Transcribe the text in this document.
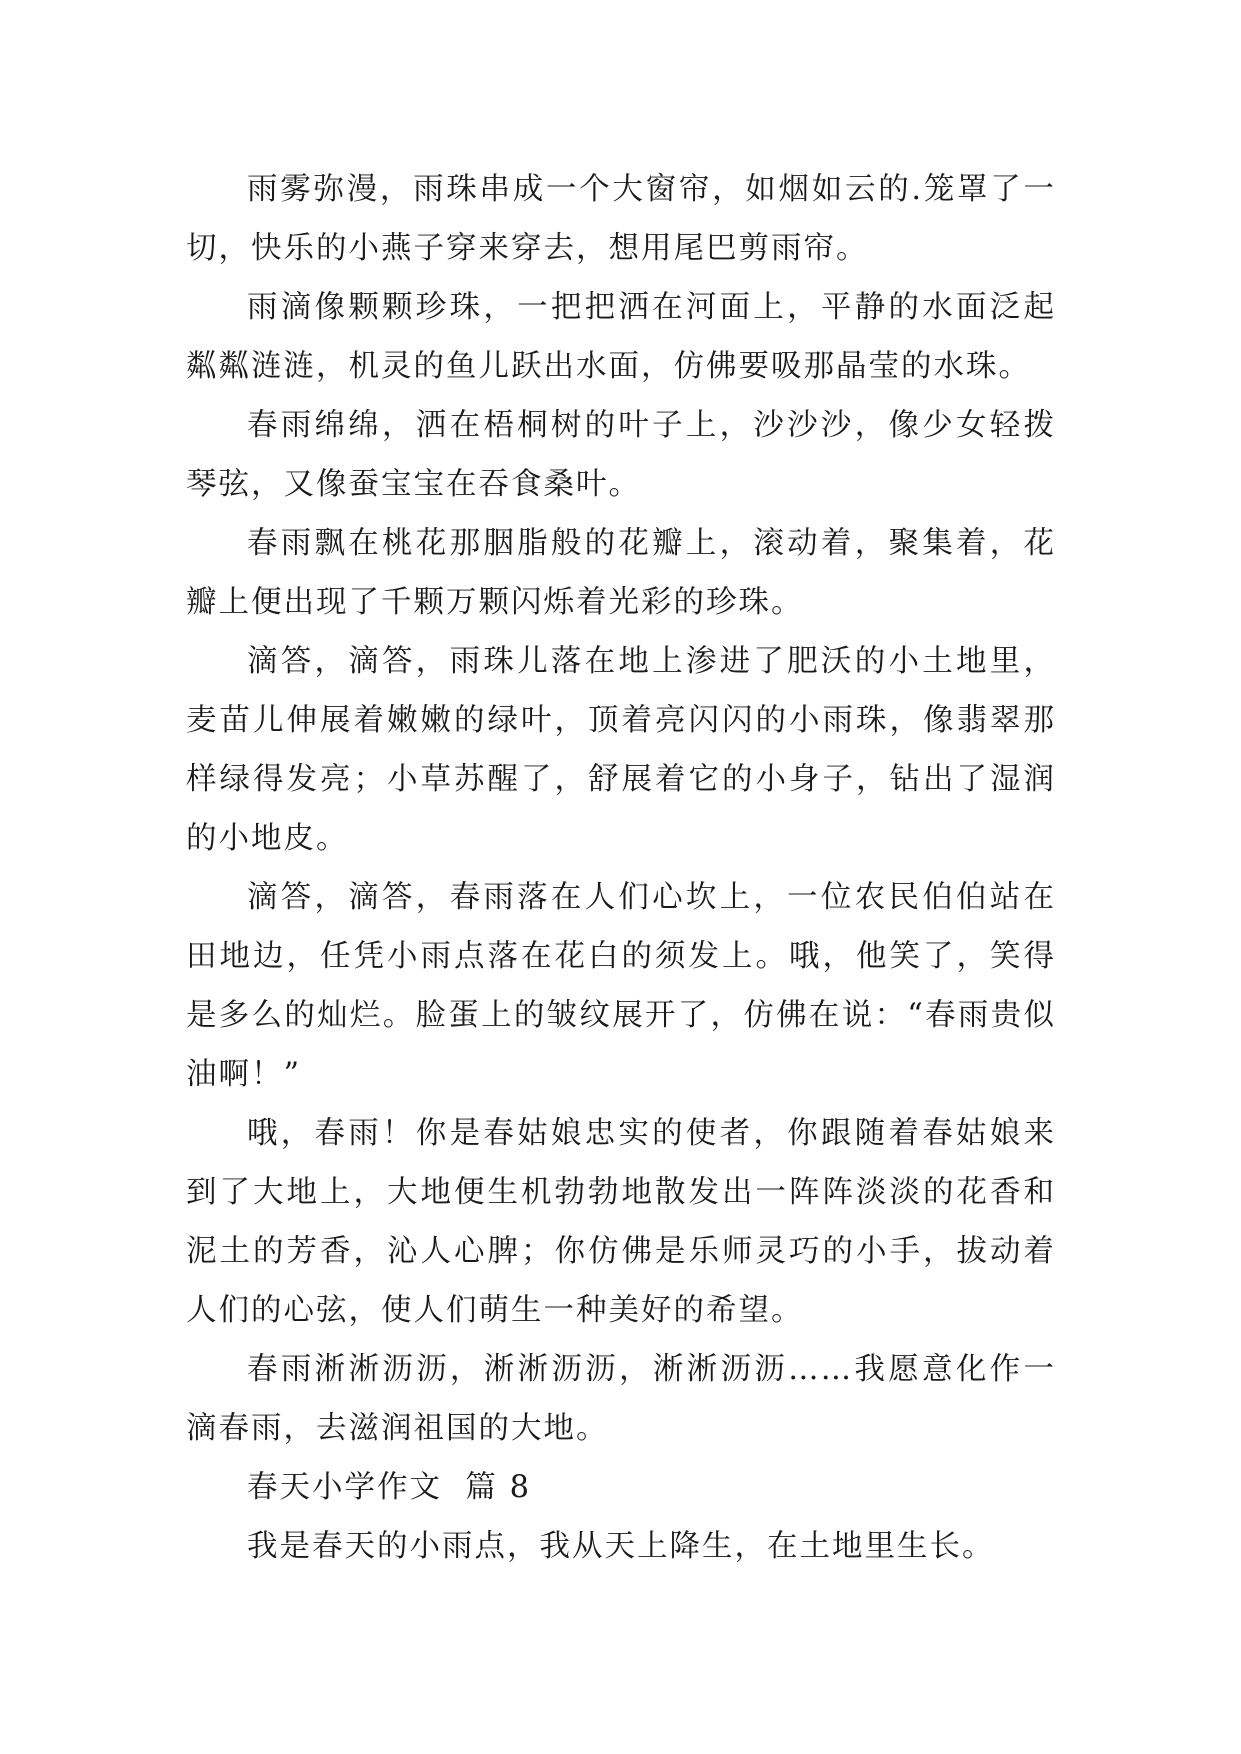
雨雾弥漫，雨珠串成一个大窗帘，如烟如云的.笼罩了一切，快乐的小燕子穿来穿去，想用尾巴剪雨帘。

雨滴像颗颗珍珠，一把把洒在河面上，平静的水面泛起粼粼涟涟，机灵的鱼儿跃出水面，仿佛要吸那晶莹的水珠。

春雨绵绵，洒在梧桐树的叶子上，沙沙沙，像少女轻拨琴弦，又像蚕宝宝在吞食桑叶。

春雨飘在桃花那胭脂般的花瓣上，滚动着，聚集着，花瓣上便出现了千颗万颗闪烁着光彩的珍珠。

滴答，滴答，雨珠儿落在地上渗进了肥沃的小土地里，麦苗儿伸展着嫩嫩的绿叶，顶着亮闪闪的小雨珠，像翡翠那样绿得发亮；小草苏醒了，舒展着它的小身子，钻出了湿润的小地皮。

滴答，滴答，春雨落在人们心坎上，一位农民伯伯站在田地边，任凭小雨点落在花白的须发上。哦，他笑了，笑得是多么的灿烂。脸蛋上的皱纹展开了，仿佛在说：“春雨贵似油啊！”

哦，春雨！你是春姑娘忠实的使者，你跟随着春姑娘来到了大地上，大地便生机勃勃地散发出一阵阵淡淡的花香和泥土的芳香，沁人心脾；你仿佛是乐师灵巧的小手，拔动着人们的心弦，使人们萌生一种美好的希望。

春雨淅淅沥沥，淅淅沥沥，淅淅沥沥……我愿意化作一滴春雨，去滋润祖国的大地。

春天小学作文  篇 8

我是春天的小雨点，我从天上降生，在土地里生长。
